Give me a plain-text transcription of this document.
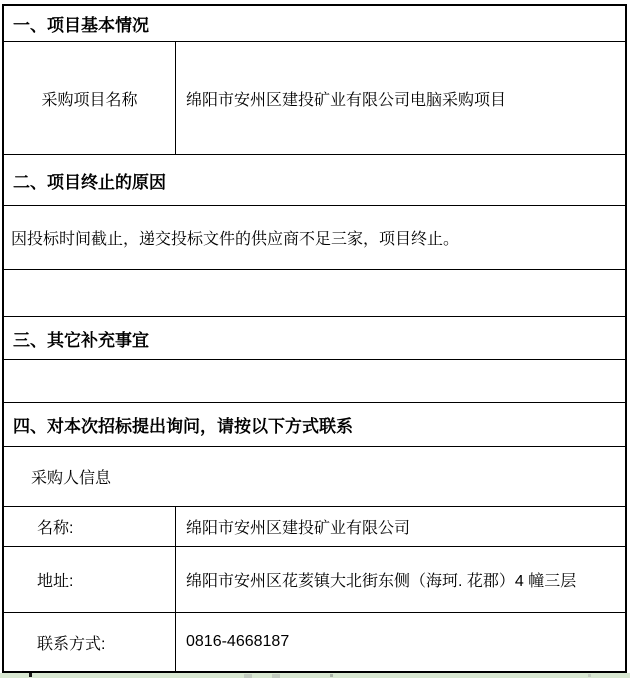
一、项目基本情况
采购项目名称	绵阳市安州区建投矿业有限公司电脑采购项目
二、项目终止的原因
因投标时间截止，递交投标文件的供应商不足三家，项目终止。
三、其它补充事宜
四、对本次招标提出询问，请按以下方式联系
采购人信息
名称:	绵阳市安州区建投矿业有限公司
地址:	绵阳市安州区花荄镇大北街东侧（海珂. 花郡）4 幢三层
联系方式:	0816-4668187
